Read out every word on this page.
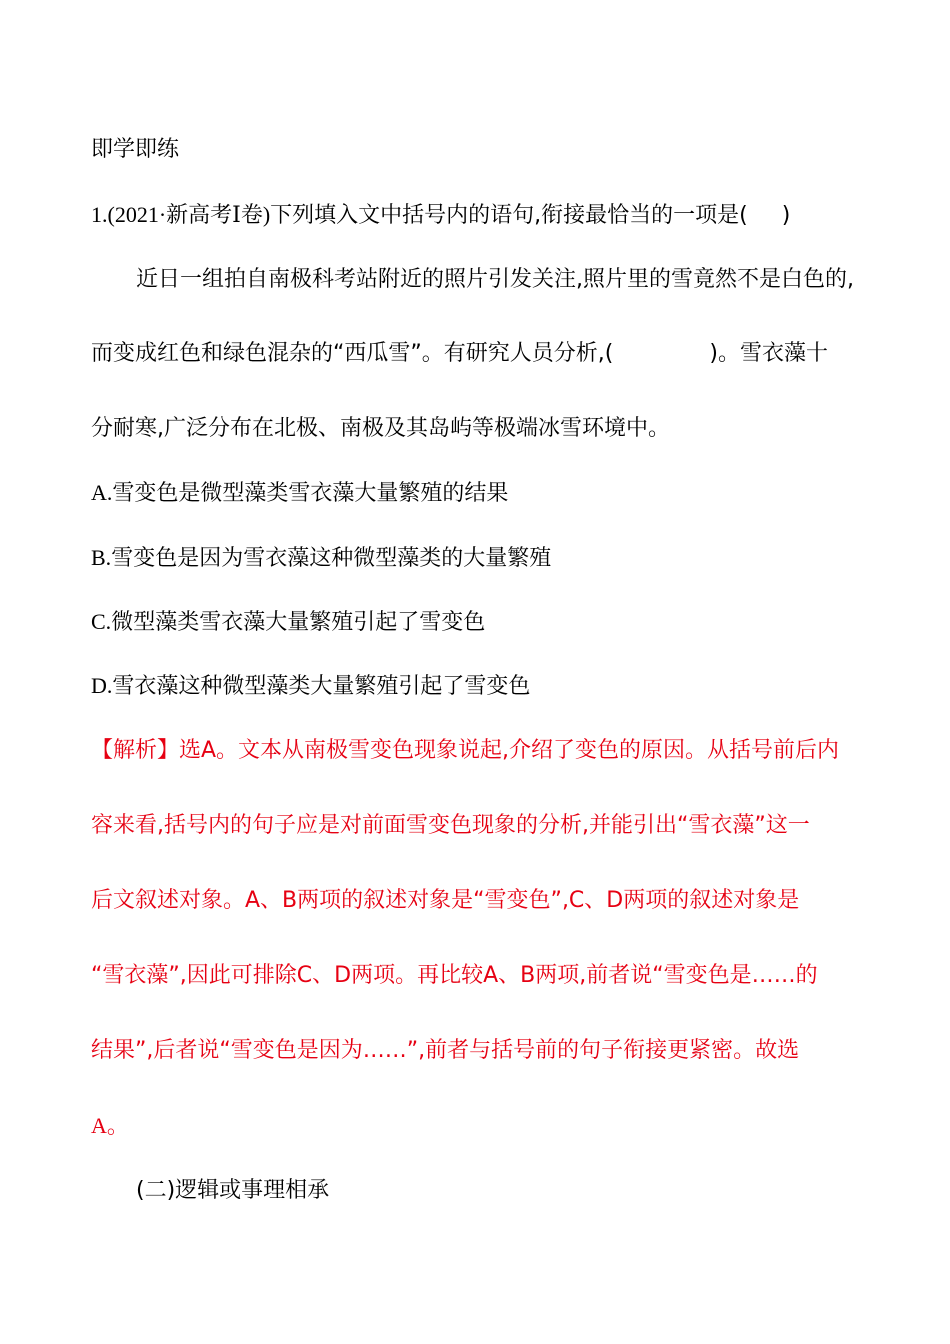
即学即练
1.(2021·新高考Ⅰ卷)下列填入文中括号内的语句,衔接最恰当的一项是( )
近日一组拍自南极科考站附近的照片引发关注,照片里的雪竟然不是白色的,
而变成红色和绿色混杂的“西瓜雪”。有研究人员分析,(	)。雪衣藻十
分耐寒,广泛分布在北极、南极及其岛屿等极端冰雪环境中。
A.雪变色是微型藻类雪衣藻大量繁殖的结果
B.雪变色是因为雪衣藻这种微型藻类的大量繁殖
C.微型藻类雪衣藻大量繁殖引起了雪变色
D.雪衣藻这种微型藻类大量繁殖引起了雪变色
【解析】选A。文本从南极雪变色现象说起,介绍了变色的原因。从括号前后内
容来看,括号内的句子应是对前面雪变色现象的分析,并能引出“雪衣藻”这一
后文叙述对象。A、B两项的叙述对象是“雪变色”,C、D两项的叙述对象是
“雪衣藻”,因此可排除C、D两项。再比较A、B两项,前者说“雪变色是……的
结果”,后者说“雪变色是因为……”,前者与括号前的句子衔接更紧密。故选
A。
(二)逻辑或事理相承
